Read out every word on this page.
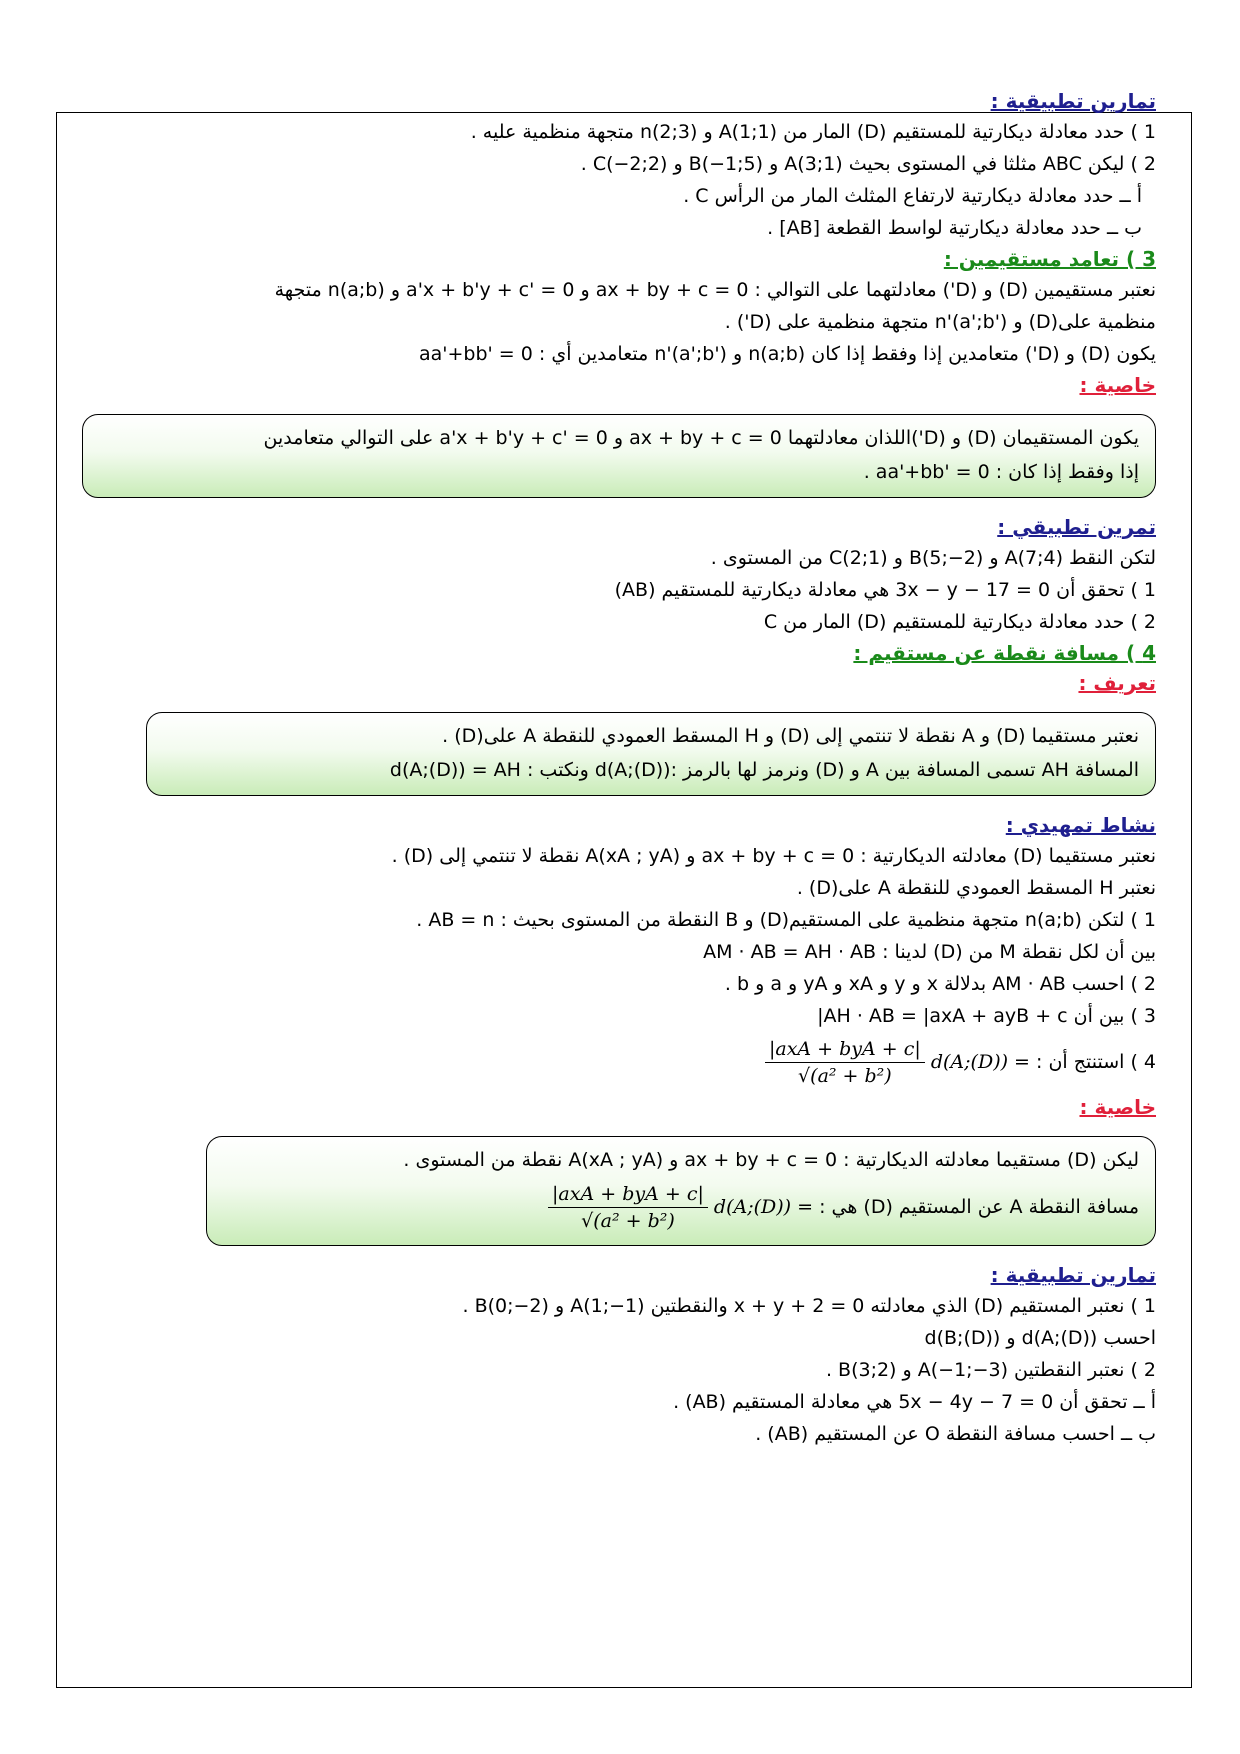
تمارين تطبيقية :
1 ) حدد معادلة ديكارتية للمستقيم (D) المار من A(1;1) و n(2;3) متجهة منظمية عليه .
2 ) ليكن ABC مثلثا في المستوى بحيث A(3;1) و B(−1;5) و C(−2;2) .
أ ــ حدد معادلة ديكارتية لارتفاع المثلث المار من الرأس C .
ب ــ حدد معادلة ديكارتية لواسط القطعة [AB] .
3 ) تعامد مستقيمين :
نعتبر مستقيمين (D) و (D') معادلتهما على التوالي : ax + by + c = 0 و a'x + b'y + c' = 0 و n(a;b) متجهة
منظمية على(D) و n'(a';b') متجهة منظمية على (D') .
يكون (D) و (D') متعامدين إذا وفقط إذا كان n(a;b) و n'(a';b') متعامدين أي : aa'+bb' = 0
خاصية :
يكون المستقيمان (D) و (D')اللذان معادلتهما ax + by + c = 0 و a'x + b'y + c' = 0 على التوالي متعامدين
إذا وفقط إذا كان : aa'+bb' = 0 .
تمرين تطبيقي :
لتكن النقط A(7;4) و B(5;−2) و C(2;1) من المستوى .
1 ) تحقق أن 3x − y − 17 = 0 هي معادلة ديكارتية للمستقيم (AB)
2 ) حدد معادلة ديكارتية للمستقيم (D) المار من C
4 ) مسافة نقطة عن مستقيم :
تعريف :
نعتبر مستقيما (D) و A نقطة لا تنتمي إلى (D) و H المسقط العمودي للنقطة A على(D) .
المسافة AH تسمى المسافة بين A و (D) ونرمز لها بالرمز :d(A;(D)) ونكتب : d(A;(D)) = AH
نشاط تمهيدي :
نعتبر مستقيما (D) معادلته الديكارتية : ax + by + c = 0 و A(xA ; yA) نقطة لا تنتمي إلى (D) .
نعتبر H المسقط العمودي للنقطة A على(D) .
1 ) لتكن n(a;b) متجهة منظمية على المستقيم(D) و B النقطة من المستوى بحيث : AB = n .
بين أن لكل نقطة M من (D) لدينا : AM · AB = AH · AB
2 ) احسب AM · AB بدلالة x و y و xA و yA و a و b .
3 ) بين أن AH · AB = |axA + ayB + c|
4 ) استنتج أن : d(A;(D)) =
$\frac{\text{|axA + byA + c|}}{\text{√(a² + b²)}}$
خاصية :
ليكن (D) مستقيما معادلته الديكارتية : ax + by + c = 0 و A(xA ; yA) نقطة من المستوى .
مسافة النقطة A عن المستقيم (D) هي : d(A;(D)) =
$\frac{\text{|axA + byA + c|}}{\text{√(a² + b²)}}$
تمارين تطبيقية :
1 ) نعتبر المستقيم (D) الذي معادلته x + y + 2 = 0 والنقطتين A(1;−1) و B(0;−2) .
احسب d(A;(D)) و d(B;(D))
2 ) نعتبر النقطتين A(−1;−3) و B(3;2) .
أ ــ تحقق أن 5x − 4y − 7 = 0 هي معادلة المستقيم (AB) .
ب ــ احسب مسافة النقطة O عن المستقيم (AB) .
